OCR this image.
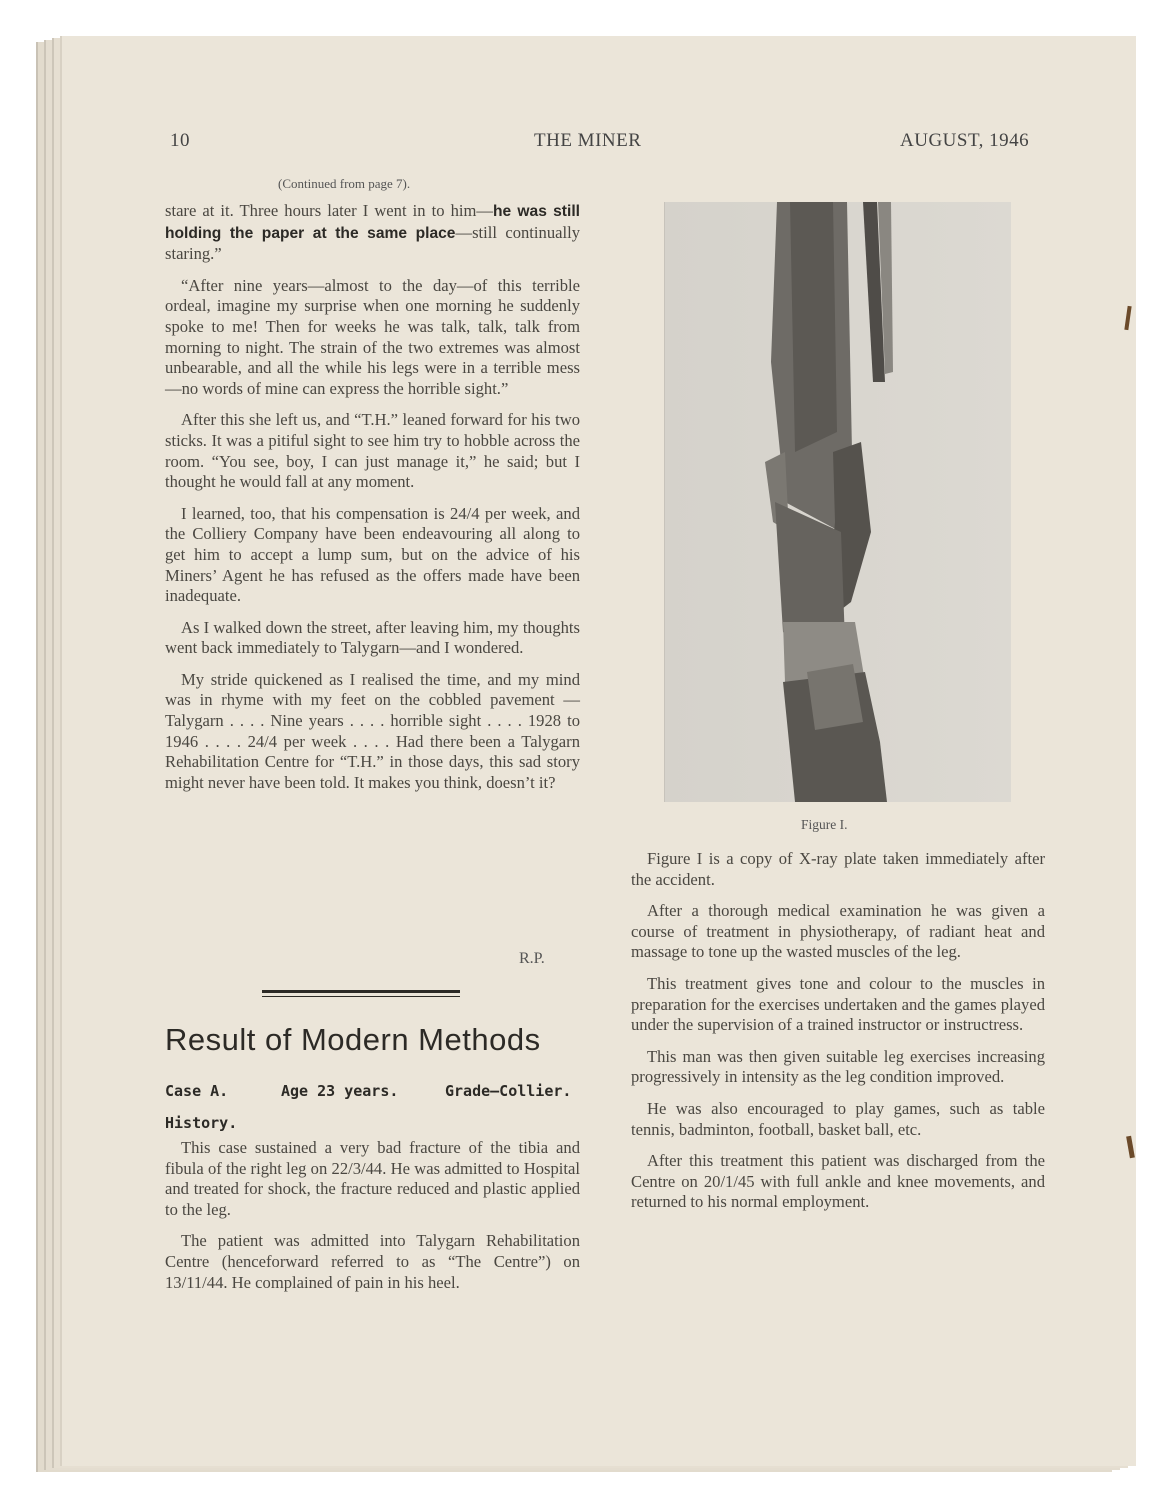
10	THE MINER	AUGUST, 1946
(Continued from page 7).

stare at it. Three hours later I went in to him—he was still holding the paper at the same place—still continually staring.”

“After nine years—almost to the day—of this terrible ordeal, imagine my surprise when one morning he suddenly spoke to me! Then for weeks he was talk, talk, talk from morning to night. The strain of the two extremes was almost unbearable, and all the while his legs were in a terrible mess—no words of mine can express the horrible sight.”

After this she left us, and “T.H.” leaned forward for his two sticks. It was a pitiful sight to see him try to hobble across the room. “You see, boy, I can just manage it,” he said; but I thought he would fall at any moment.

I learned, too, that his compensation is 24/4 per week, and the Colliery Company have been endeavouring all along to get him to accept a lump sum, but on the advice of his Miners’ Agent he has refused as the offers made have been inadequate.

As I walked down the street, after leaving him, my thoughts went back immediately to Talygarn—and I wondered.

My stride quickened as I realised the time, and my mind was in rhyme with my feet on the cobbled pavement — Talygarn . . . . Nine years . . . . horrible sight . . . . 1928 to 1946 . . . . 24/4 per week . . . . Had there been a Talygarn Rehabilitation Centre for “T.H.” in those days, this sad story might never have been told. It makes you think, doesn’t it?

R.P.
Result of Modern Methods
Case A.	Age 23 years.	Grade—Collier.
History.

This case sustained a very bad fracture of the tibia and fibula of the right leg on 22/3/44. He was admitted to Hospital and treated for shock, the fracture reduced and plastic applied to the leg.

The patient was admitted into Talygarn Rehabilitation Centre (henceforward referred to as “The Centre”) on 13/11/44. He complained of pain in his heel.

Figure I.

Figure I is a copy of X-ray plate taken immediately after the accident.

After a thorough medical examination he was given a course of treatment in physiotherapy, of radiant heat and massage to tone up the wasted muscles of the leg.

This treatment gives tone and colour to the muscles in preparation for the exercises undertaken and the games played under the supervision of a trained instructor or instructress.

This man was then given suitable leg exercises increasing progressively in intensity as the leg condition improved.

He was also encouraged to play games, such as table tennis, badminton, football, basket ball, etc.

After this treatment this patient was discharged from the Centre on 20/1/45 with full ankle and knee movements, and returned to his normal employment.
